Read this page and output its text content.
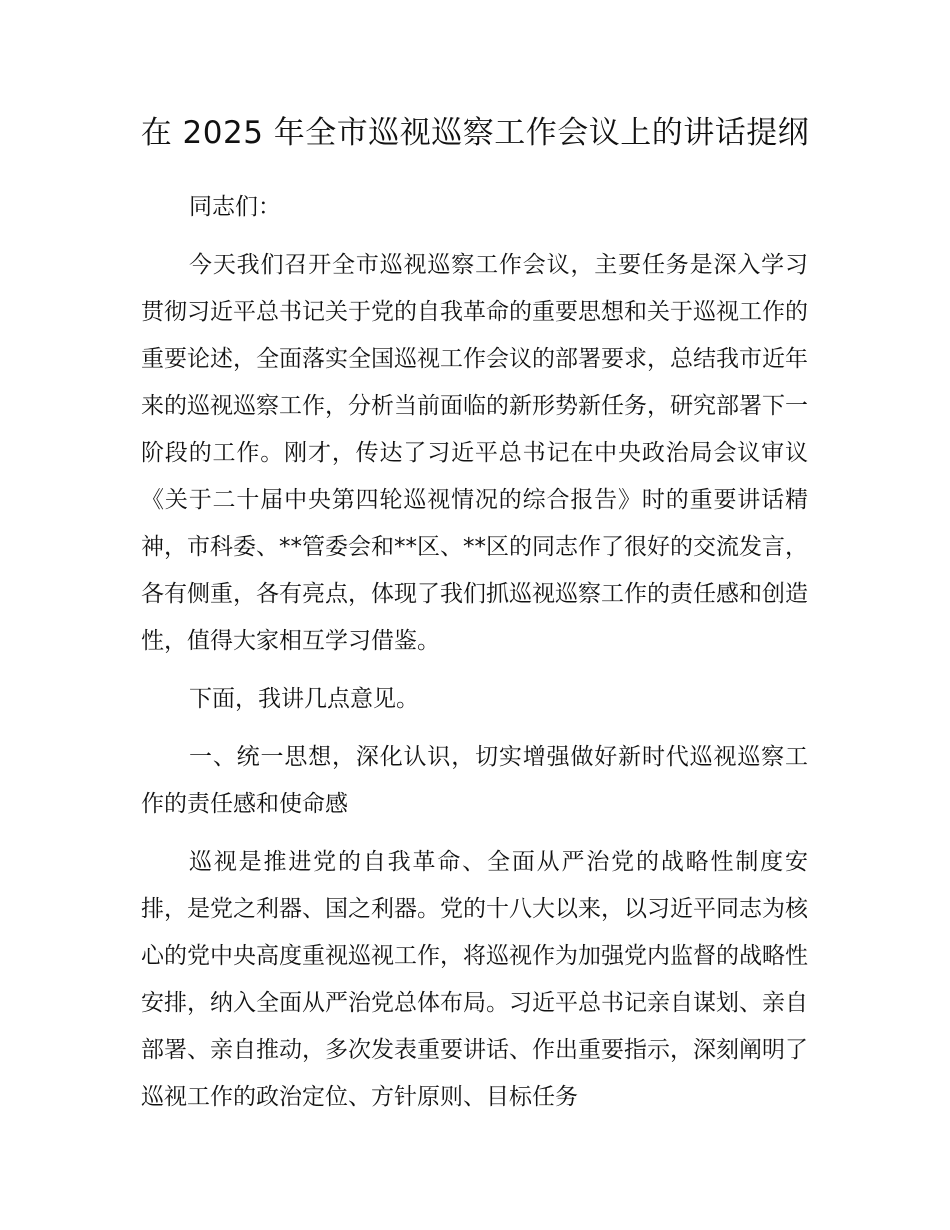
在 2025 年全市巡视巡察工作会议上的讲话提纲

同志们：

今天我们召开全市巡视巡察工作会议，主要任务是深入学习贯彻习近平总书记关于党的自我革命的重要思想和关于巡视工作的重要论述，全面落实全国巡视工作会议的部署要求，总结我市近年来的巡视巡察工作，分析当前面临的新形势新任务，研究部署下一阶段的工作。刚才，传达了习近平总书记在中央政治局会议审议《关于二十届中央第四轮巡视情况的综合报告》时的重要讲话精神，市科委、**管委会和**区、**区的同志作了很好的交流发言，各有侧重，各有亮点，体现了我们抓巡视巡察工作的责任感和创造性，值得大家相互学习借鉴。

下面，我讲几点意见。

一、统一思想，深化认识，切实增强做好新时代巡视巡察工作的责任感和使命感

巡视是推进党的自我革命、全面从严治党的战略性制度安排，是党之利器、国之利器。党的十八大以来，以习近平同志为核心的党中央高度重视巡视工作，将巡视作为加强党内监督的战略性安排，纳入全面从严治党总体布局。习近平总书记亲自谋划、亲自部署、亲自推动，多次发表重要讲话、作出重要指示，深刻阐明了巡视工作的政治定位、方针原则、目标任务
